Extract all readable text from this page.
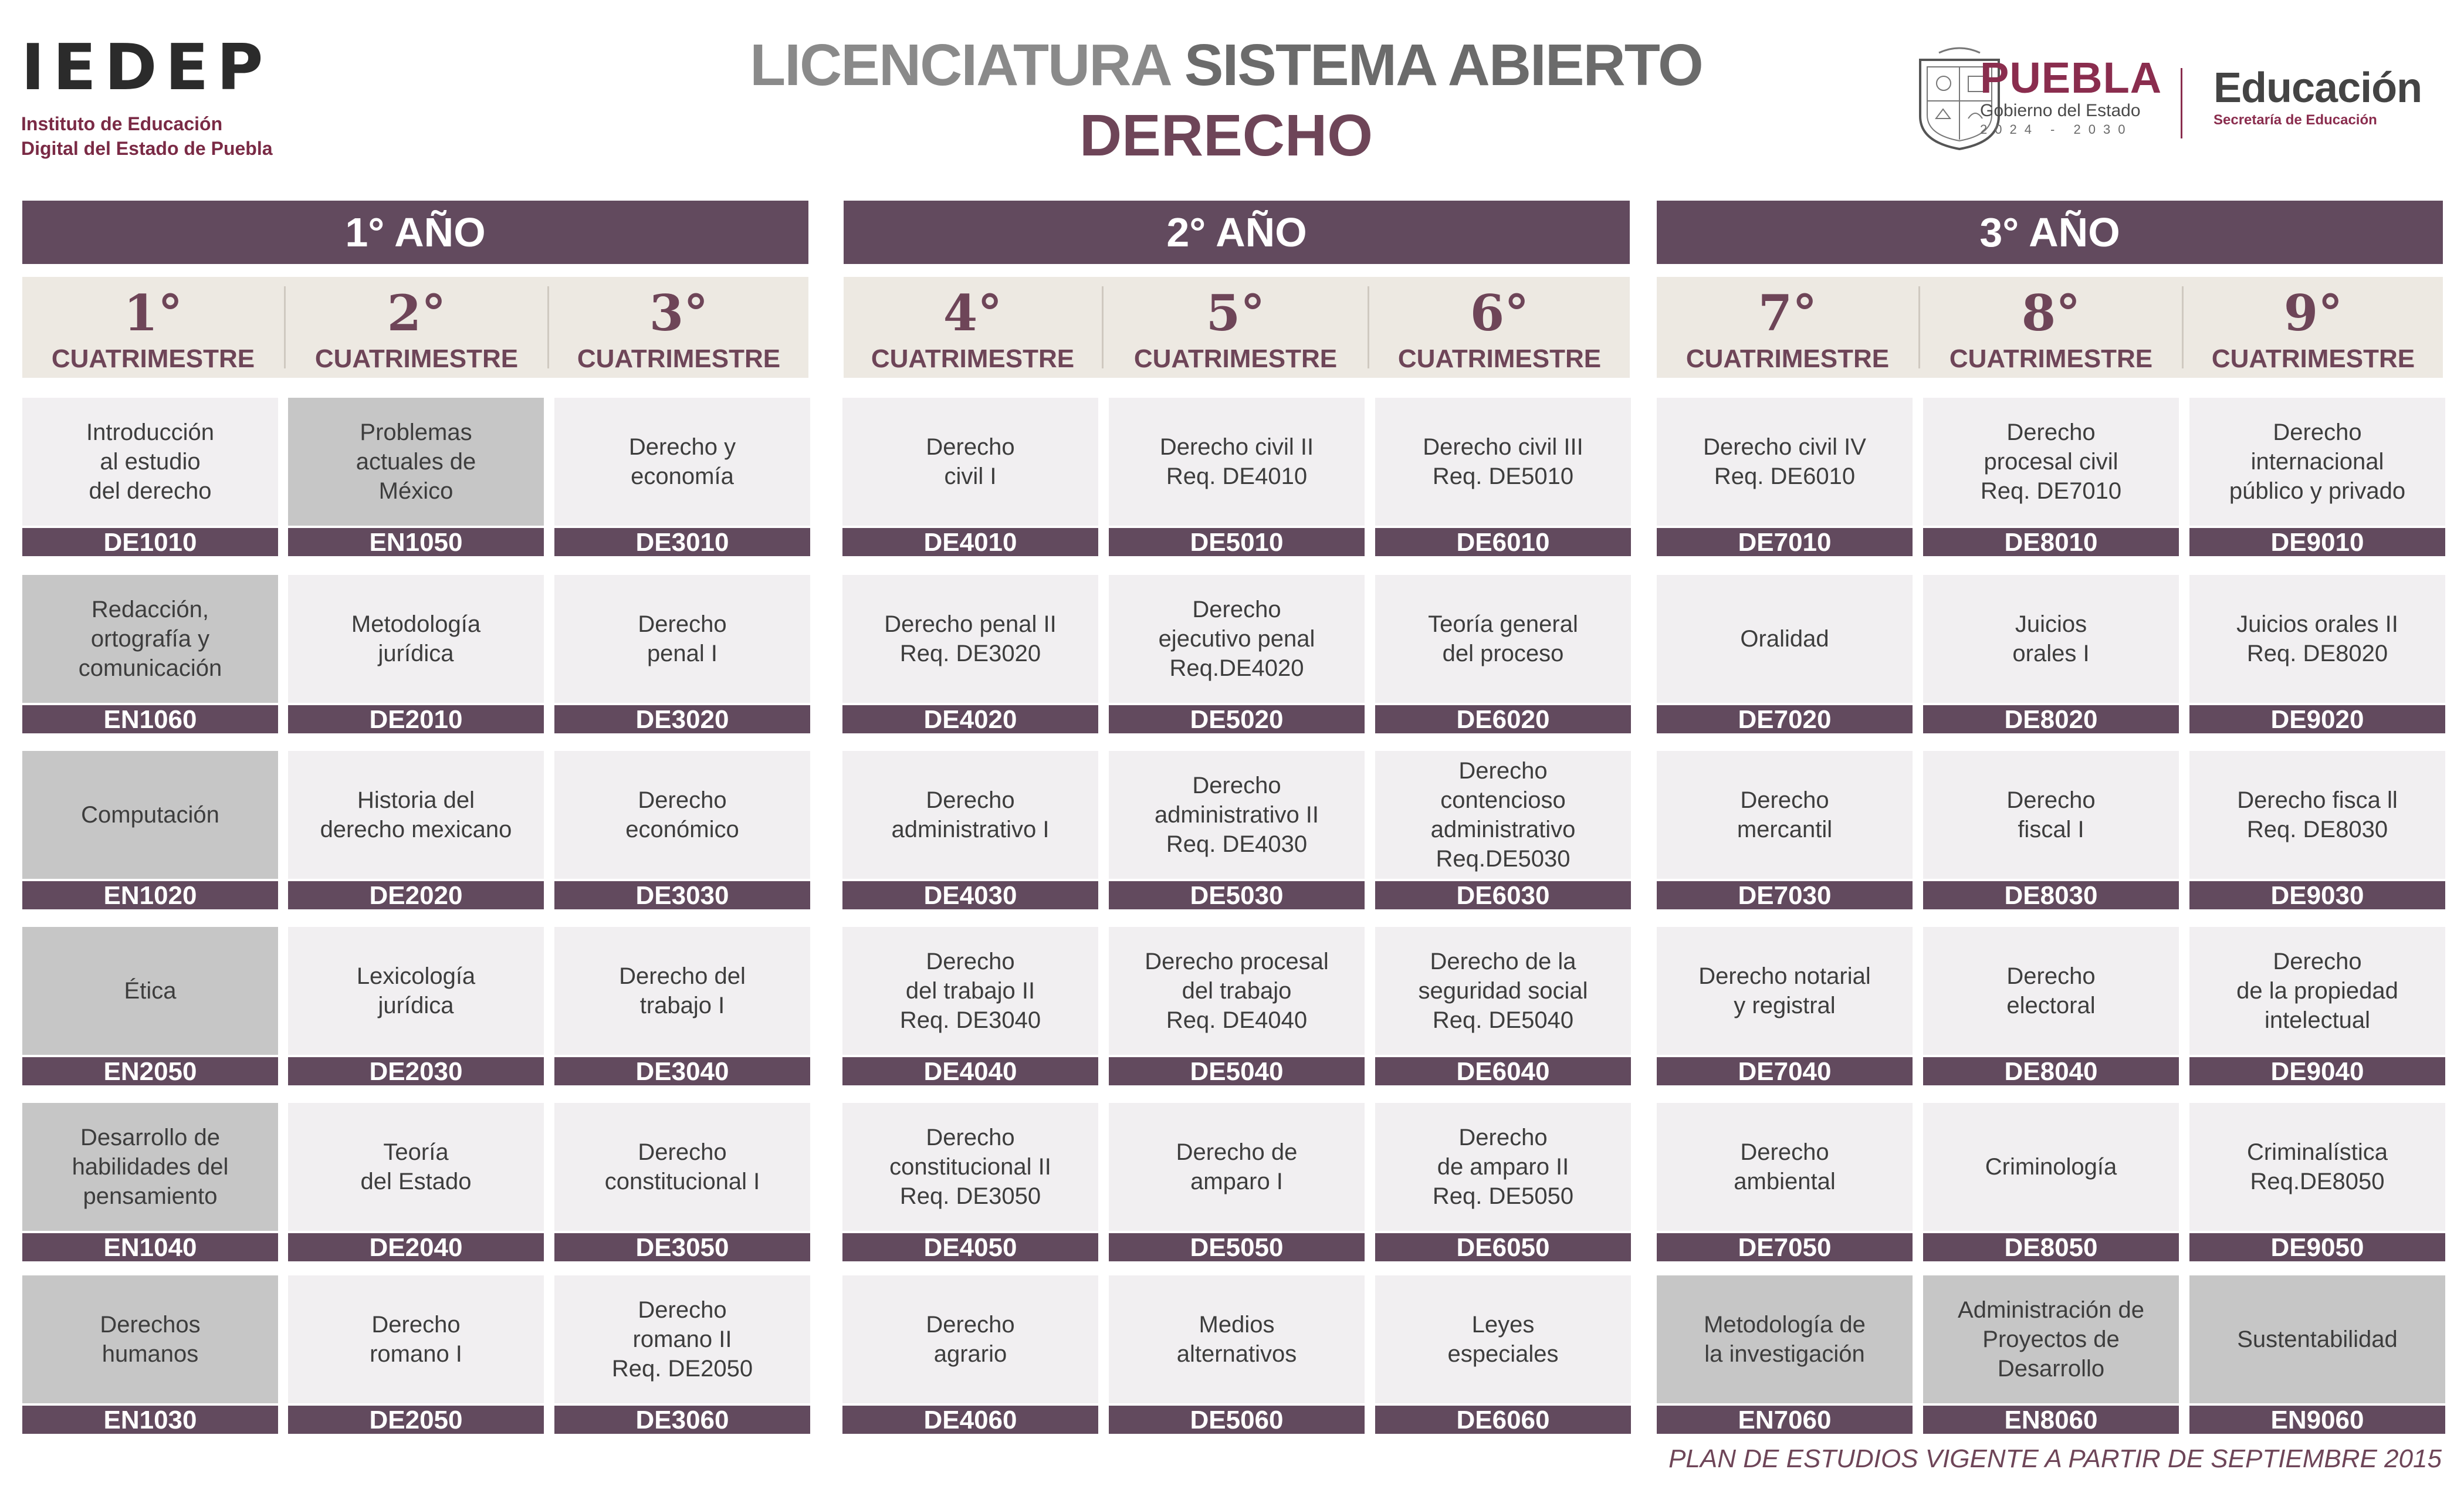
IEDEP
Instituto de Educación
Digital del Estado de Puebla
LICENCIATURA SISTEMA ABIERTO
DERECHO
PUEBLA
Gobierno del Estado
2024 - 2030
Educación
Secretaría de Educación
1° AÑO	2° AÑO	3° AÑO
1°
CUATRIMESTRE
2°
CUATRIMESTRE
3°
CUATRIMESTRE
4°
CUATRIMESTRE
5°
CUATRIMESTRE
6°
CUATRIMESTRE
7°
CUATRIMESTRE
8°
CUATRIMESTRE
9°
CUATRIMESTRE
Introducción
al estudio
del derecho
DE1010
Redacción,
ortografía y
comunicación
EN1060
Computación
EN1020
Ética
EN2050
Desarrollo de
habilidades del
pensamiento
EN1040
Derechos
humanos
EN1030
Problemas
actuales de
México
EN1050
Metodología
jurídica
DE2010
Historia del
derecho mexicano
DE2020
Lexicología
jurídica
DE2030
Teoría
del Estado
DE2040
Derecho
romano I
DE2050
Derecho y
economía
DE3010
Derecho
penal I
DE3020
Derecho
económico
DE3030
Derecho del
trabajo I
DE3040
Derecho
constitucional I
DE3050
Derecho
romano II
Req. DE2050
DE3060
Derecho
civil I
DE4010
Derecho penal II
Req. DE3020
DE4020
Derecho
administrativo I
DE4030
Derecho
del trabajo II
Req. DE3040
DE4040
Derecho
constitucional II
Req. DE3050
DE4050
Derecho
agrario
DE4060
Derecho civil II
Req. DE4010
DE5010
Derecho
ejecutivo penal
Req.DE4020
DE5020
Derecho
administrativo II
Req. DE4030
DE5030
Derecho procesal
del trabajo
Req. DE4040
DE5040
Derecho de
amparo I
DE5050
Medios
alternativos
DE5060
Derecho civil III
Req. DE5010
DE6010
Teoría general
del proceso
DE6020
Derecho
contencioso
administrativo
Req.DE5030
DE6030
Derecho de la
seguridad social
Req. DE5040
DE6040
Derecho
de amparo II
Req. DE5050
DE6050
Leyes
especiales
DE6060
Derecho civil IV
Req. DE6010
DE7010
Oralidad
DE7020
Derecho
mercantil
DE7030
Derecho notarial
y registral
DE7040
Derecho
ambiental
DE7050
Metodología de
la investigación
EN7060
Derecho
procesal civil
Req. DE7010
DE8010
Juicios
orales I
DE8020
Derecho
fiscal I
DE8030
Derecho
electoral
DE8040
Criminología
DE8050
Administración de
Proyectos de
Desarrollo
EN8060
Derecho
internacional
público y privado
DE9010
Juicios orales II
Req. DE8020
DE9020
Derecho fisca ll
Req. DE8030
DE9030
Derecho
de la propiedad
intelectual
DE9040
Criminalística
Req.DE8050
DE9050
Sustentabilidad
EN9060
PLAN DE ESTUDIOS VIGENTE A PARTIR DE SEPTIEMBRE 2015
